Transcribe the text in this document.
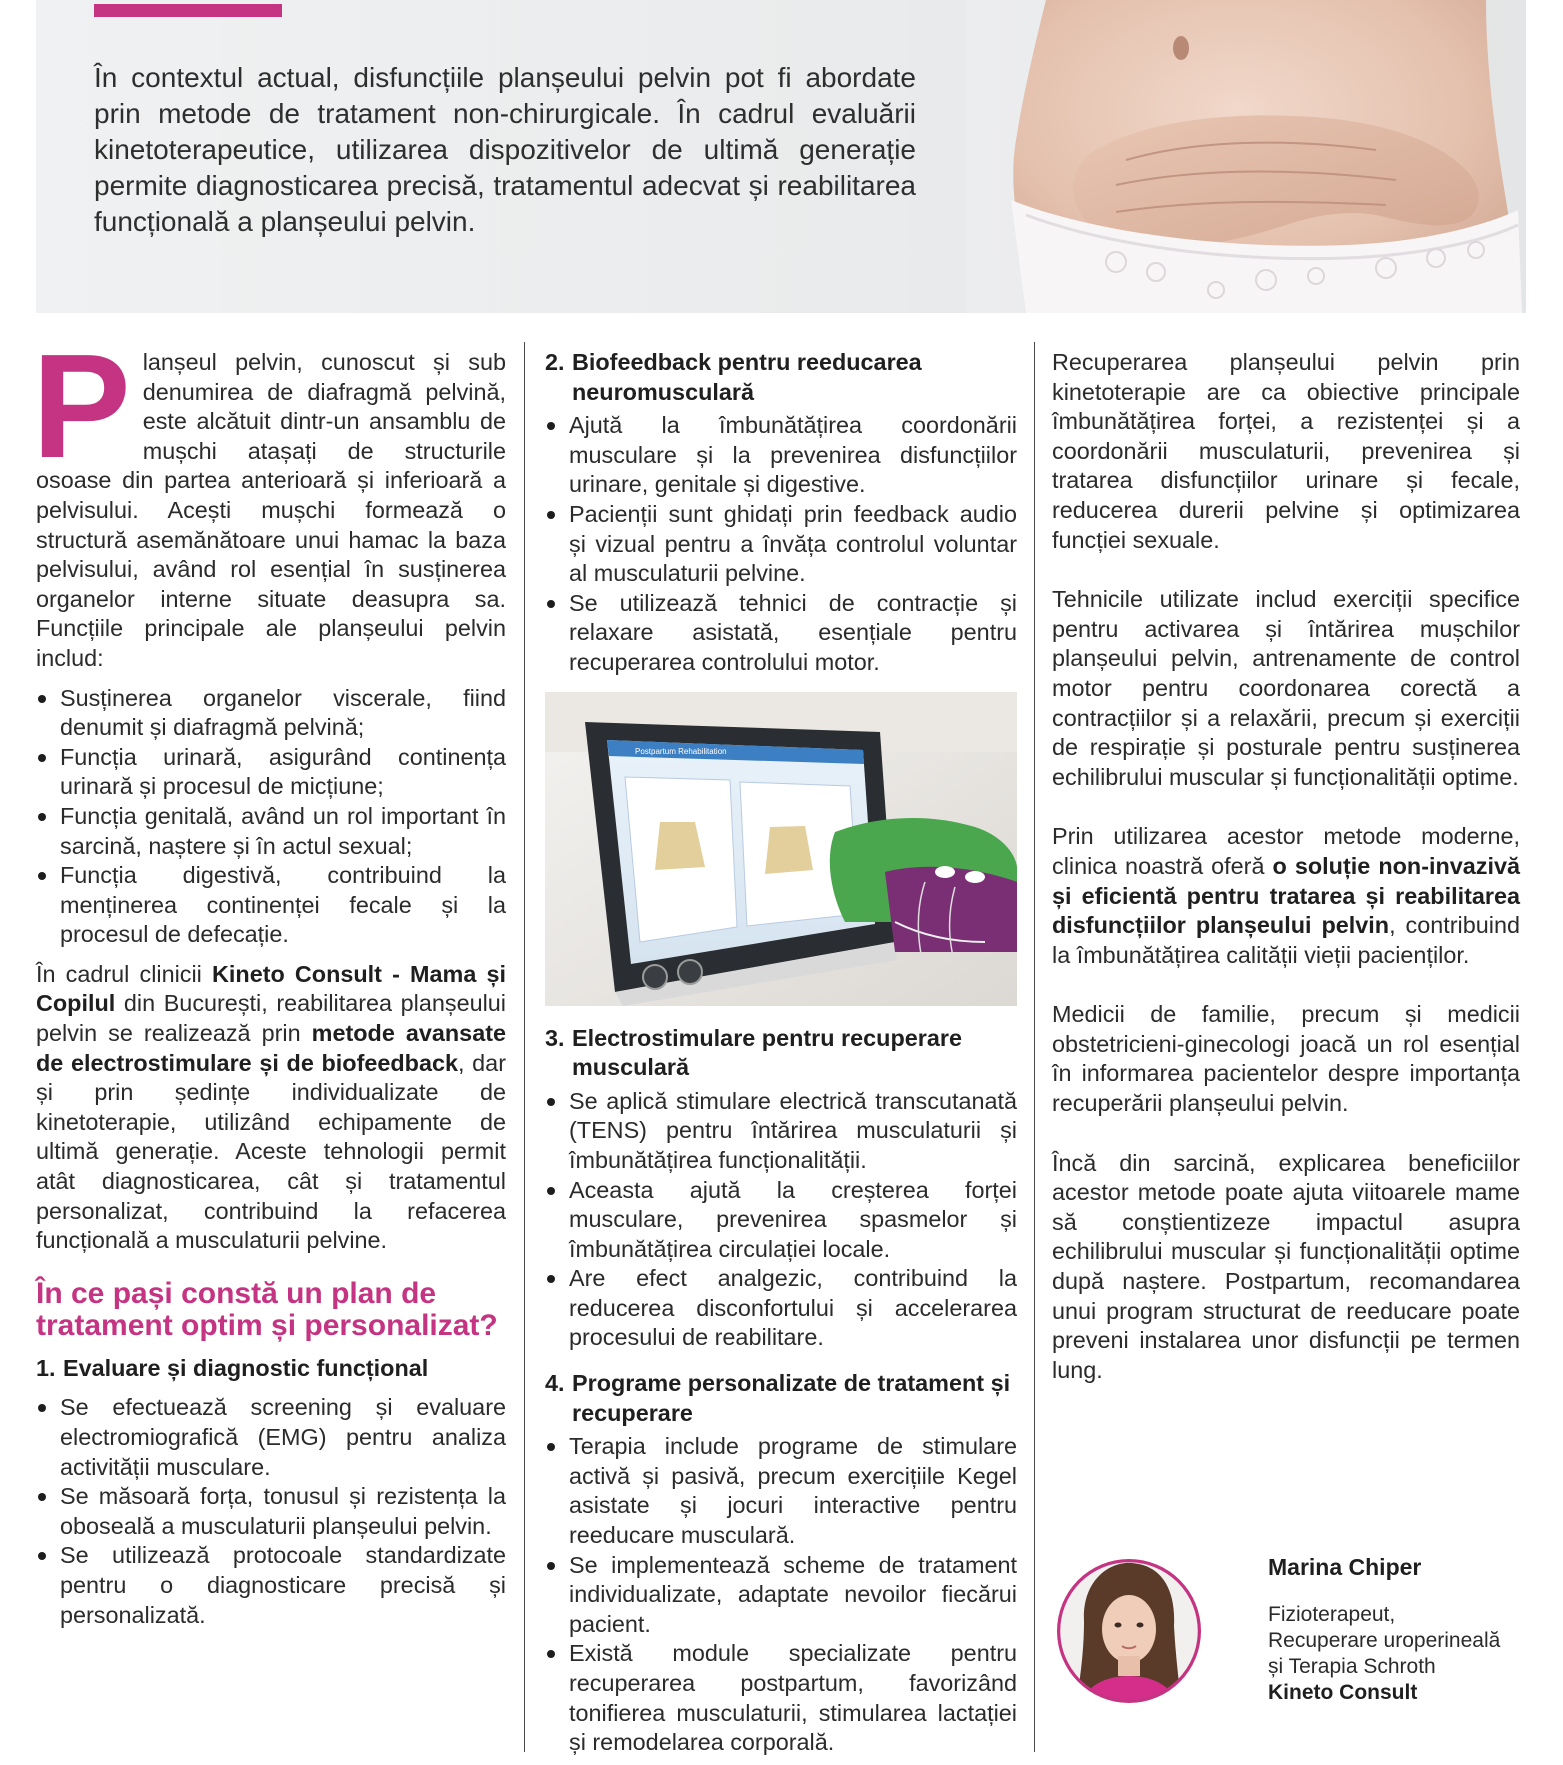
În contextul actual, disfuncțiile planșeului pelvin pot fi abordate prin metode de tratament non-chirurgicale. În cadrul evaluării kinetoterapeutice, utilizarea dispozitivelor de ultimă generație permite diagnosticarea precisă, tratamentul adecvat și reabilitarea funcțională a planșeului pelvin.

Planșeul pelvin, cunoscut și sub denumirea de diafragmă pelvină, este alcătuit dintr-un ansamblu de mușchi atașați de structurile osoase din partea anterioară și inferioară a pelvisului. Acești mușchi formează o structură asemănătoare unui hamac la baza pelvisului, având rol esențial în susținerea organelor interne situate deasupra sa. Funcțiile principale ale planșeului pelvin includ:

Susținerea organelor viscerale, fiind denumit și diafragmă pelvină;
Funcția urinară, asigurând continența urinară și procesul de micțiune;
Funcția genitală, având un rol important în sarcină, naștere și în actul sexual;
Funcția digestivă, contribuind la menținerea continenței fecale și la procesul de defecație.

În cadrul clinicii Kineto Consult - Mama și Copilul din București, reabilitarea planșeului pelvin se realizează prin metode avansate de electrostimulare și de biofeedback, dar și prin ședințe individualizate de kinetoterapie, utilizând echipamente de ultimă generație. Aceste tehnologii permit atât diagnosticarea, cât și tratamentul personalizat, contribuind la refacerea funcțională a musculaturii pelvine.

În ce pași constă un plan de tratament optim și personalizat?
1. Evaluare și diagnostic funcțional
Se efectuează screening și evaluare electromiografică (EMG) pentru analiza activității musculare.
Se măsoară forța, tonusul și rezistența la oboseală a musculaturii planșeului pelvin.
Se utilizează protocoale standardizate pentru o diagnosticare precisă și personalizată.
2. Biofeedback pentru reeducarea neuromusculară
Ajută la îmbunătățirea coordonării musculare și la prevenirea disfuncțiilor urinare, genitale și digestive.
Pacienții sunt ghidați prin feedback audio și vizual pentru a învăța controlul voluntar al musculaturii pelvine.
Se utilizează tehnici de contracție și relaxare asistată, esențiale pentru recuperarea controlului motor.
Postpartum Rehabilitation
3. Electrostimulare pentru recuperare musculară
Se aplică stimulare electrică transcutanată (TENS) pentru întărirea musculaturii și îmbunătățirea funcționalității.
Aceasta ajută la creșterea forței musculare, prevenirea spasmelor și îmbunătățirea circulației locale.
Are efect analgezic, contribuind la reducerea disconfortului și accelerarea procesului de reabilitare.
4. Programe personalizate de tratament și recuperare
Terapia include programe de stimulare activă și pasivă, precum exercițiile Kegel asistate și jocuri interactive pentru reeducare musculară.
Se implementează scheme de tratament individualizate, adaptate nevoilor fiecărui pacient.
Există module specializate pentru recuperarea postpartum, favorizând tonifierea musculaturii, stimularea lactației și remodelarea corporală.

Recuperarea planșeului pelvin prin kinetoterapie are ca obiective principale îmbunătățirea forței, a rezistenței și a coordonării musculaturii, prevenirea și tratarea disfuncțiilor urinare și fecale, reducerea durerii pelvine și optimizarea funcției sexuale.

Tehnicile utilizate includ exerciții specifice pentru activarea și întărirea mușchilor planșeului pelvin, antrenamente de control motor pentru coordonarea corectă a contracțiilor și a relaxării, precum și exerciții de respirație și posturale pentru susținerea echilibrului muscular și funcționalității optime.

Prin utilizarea acestor metode moderne, clinica noastră oferă o soluție non-invazivă și eficientă pentru tratarea și reabilitarea disfuncțiilor planșeului pelvin, contribuind la îmbunătățirea calității vieții pacienților.

Medicii de familie, precum și medicii obstetricieni-ginecologi joacă un rol esențial în informarea pacientelor despre importanța recuperării planșeului pelvin.

Încă din sarcină, explicarea beneficiilor acestor metode poate ajuta viitoarele mame să conștientizeze impactul asupra echilibrului muscular și funcționalității optime după naștere. Postpartum, recomandarea unui program structurat de reeducare poate preveni instalarea unor disfuncții pe termen lung.

Marina Chiper
Fizioterapeut,
Recuperare uroperineală
și Terapia Schroth
Kineto Consult
